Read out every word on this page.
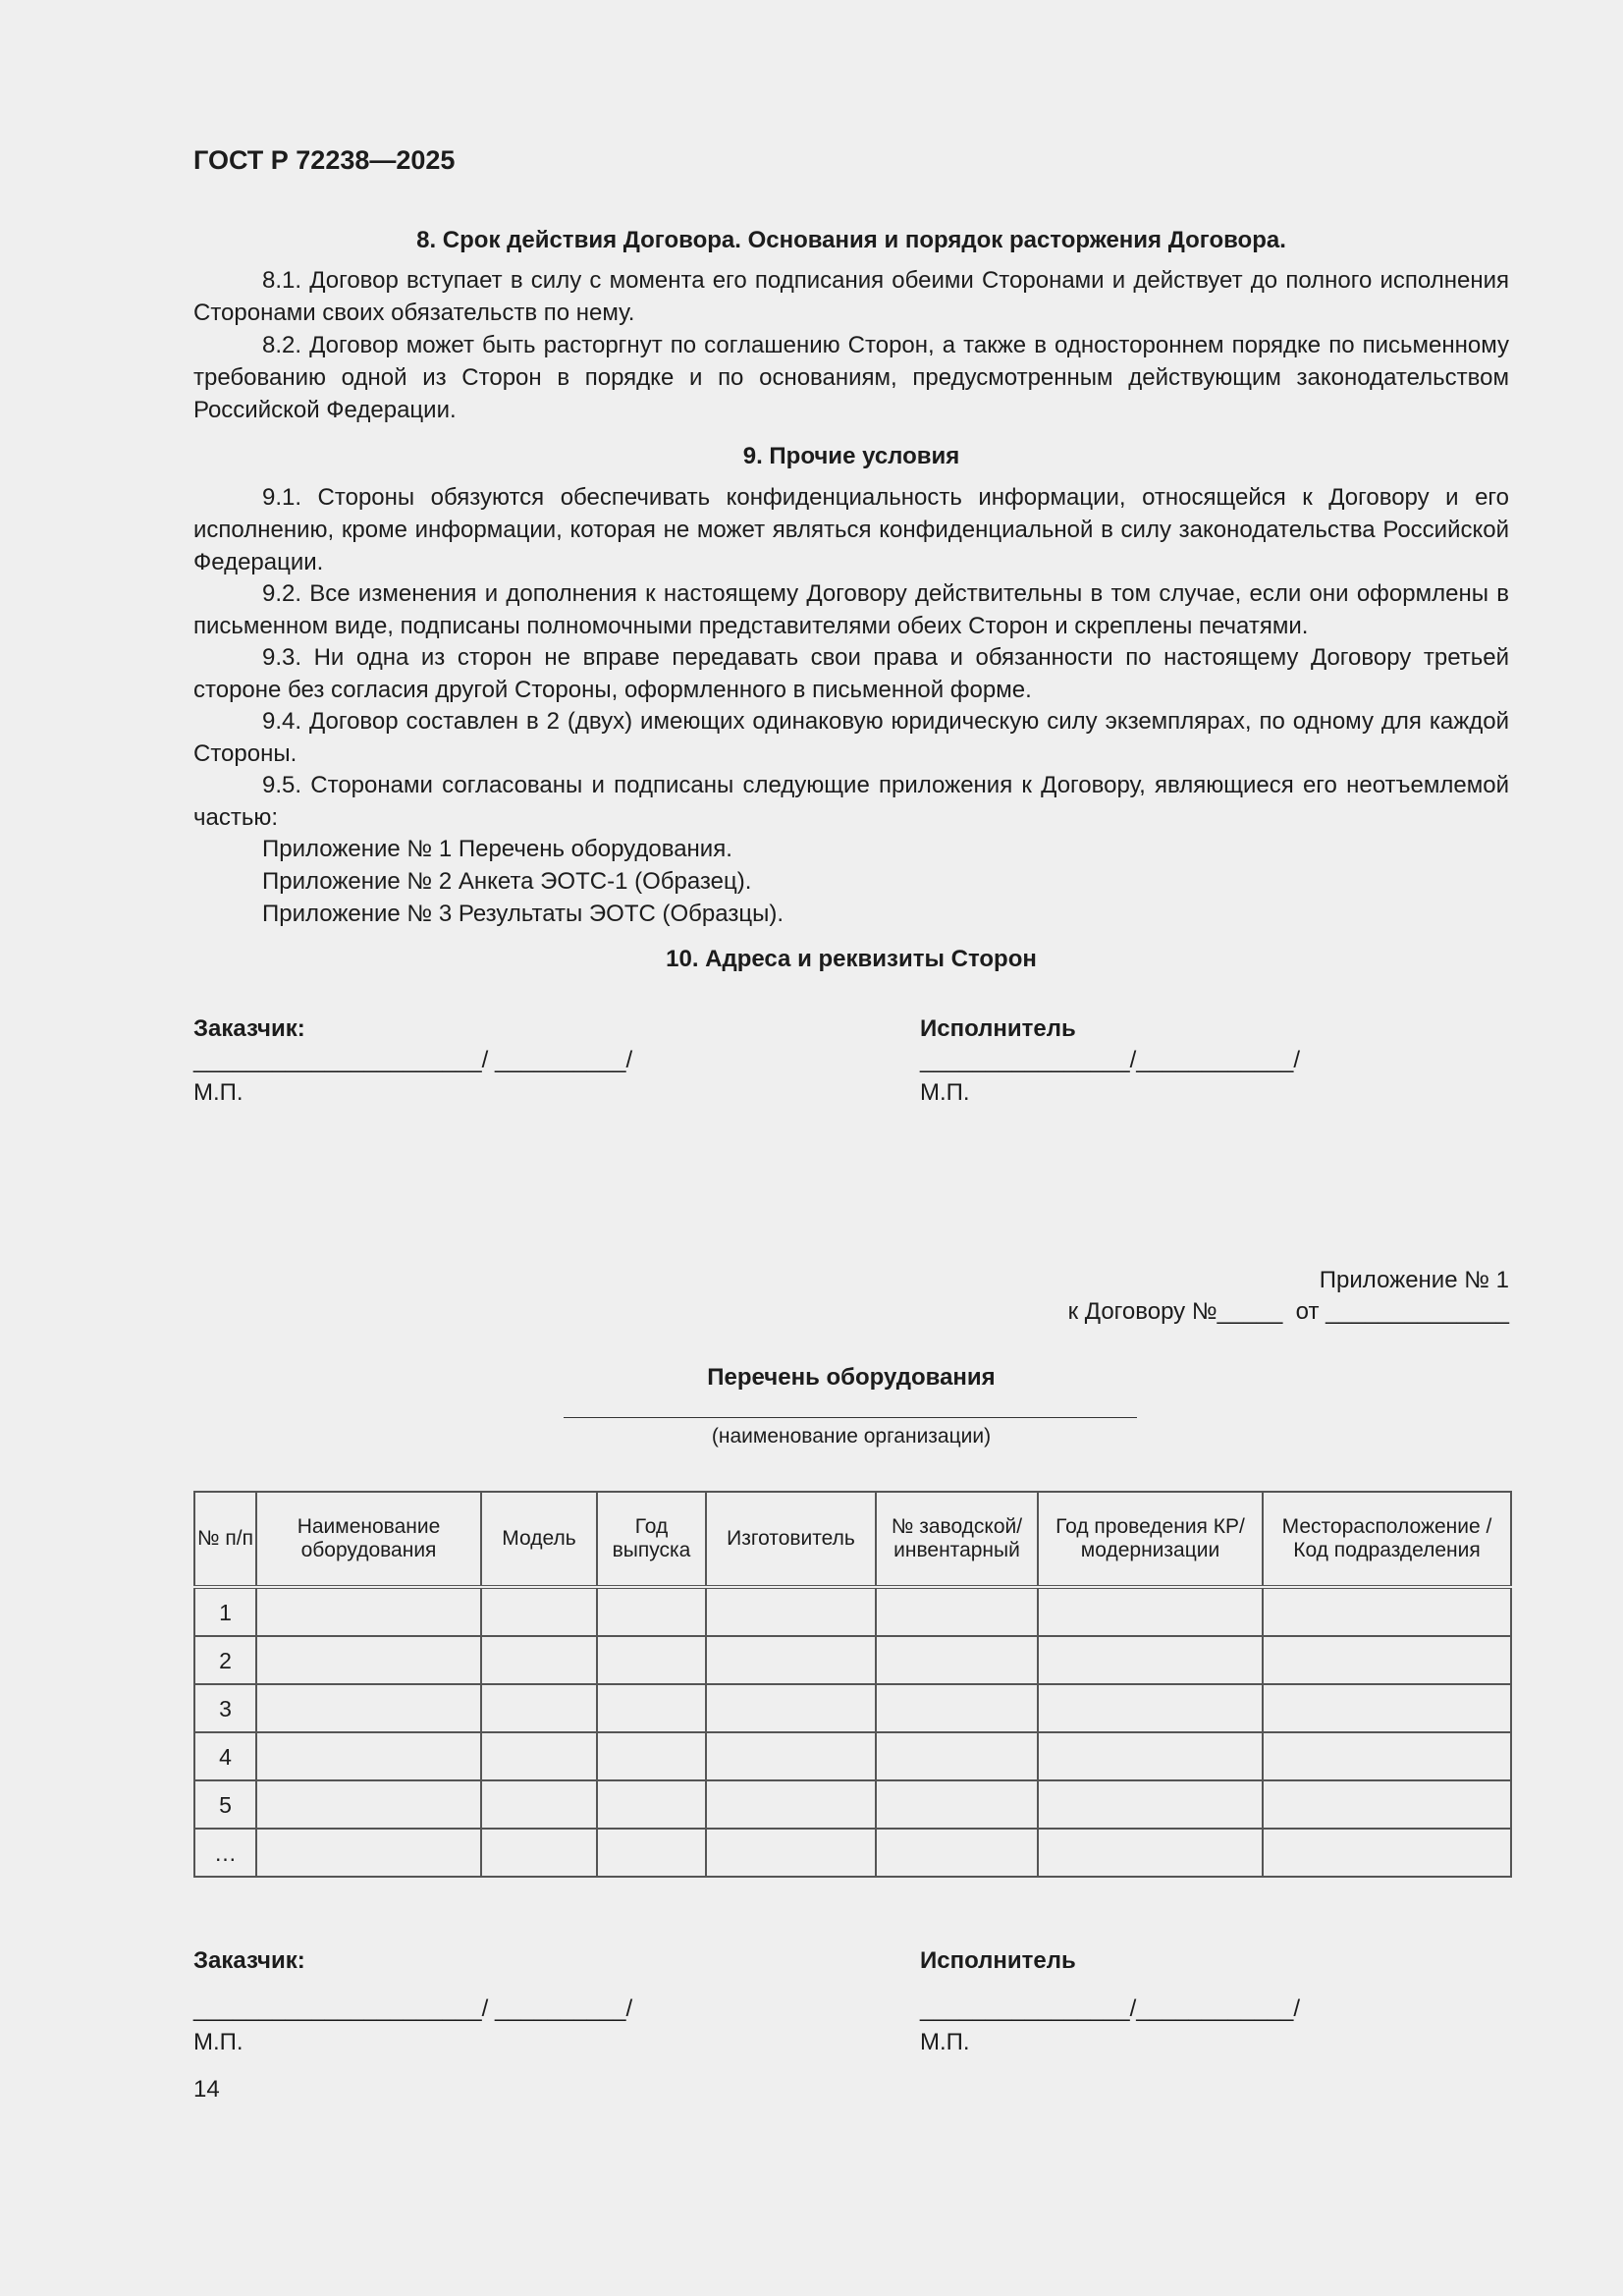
ГОСТ Р 72238—2025
8. Срок действия Договора. Основания и порядок расторжения Договора.

8.1. Договор вступает в силу с момента его подписания обеими Сторонами и действует до полного исполнения Сторонами своих обязательств по нему.

8.2. Договор может быть расторгнут по соглашению Сторон, а также в одностороннем порядке по письменному требованию одной из Сторон в порядке и по основаниям, предусмотренным действующим законодательством Российской Федерации.

9. Прочие условия

9.1. Стороны обязуются обеспечивать конфиденциальность информации, относящейся к Договору и его исполнению, кроме информации, которая не может являться конфиденциальной в силу законодательства Российской Федерации.

9.2. Все изменения и дополнения к настоящему Договору действительны в том случае, если они оформлены в письменном виде, подписаны полномочными представителями обеих Сторон и скреплены печатями.

9.3. Ни одна из сторон не вправе передавать свои права и обязанности по настоящему Договору третьей стороне без согласия другой Стороны, оформленного в письменной форме.

9.4. Договор составлен в 2 (двух) имеющих одинаковую юридическую силу экземплярах, по одному для каждой Стороны.

9.5. Сторонами согласованы и подписаны следующие приложения к Договору, являющиеся его неотъемлемой частью:

Приложение № 1 Перечень оборудования.
Приложение № 2 Анкета ЭОТС-1 (Образец).
Приложение № 3 Результаты ЭОТС (Образцы).
10. Адреса и реквизиты Сторон
Заказчик:
______________________/ __________/
М.П.
Исполнитель
________________/____________/
М.П.
Приложение № 1
к Договору №_____  от ______________
Перечень оборудования
(наименование организации)
№ п/п	Наименование оборудования	Модель	Год выпуска	Изготовитель	№ заводской/ инвентарный	Год проведения КР/ модернизации	Месторасположение / Код подразделения
1							
2							
3							
4							
5							
…							
Заказчик:
______________________/ __________/
М.П.
Исполнитель
________________/____________/
М.П.
14
